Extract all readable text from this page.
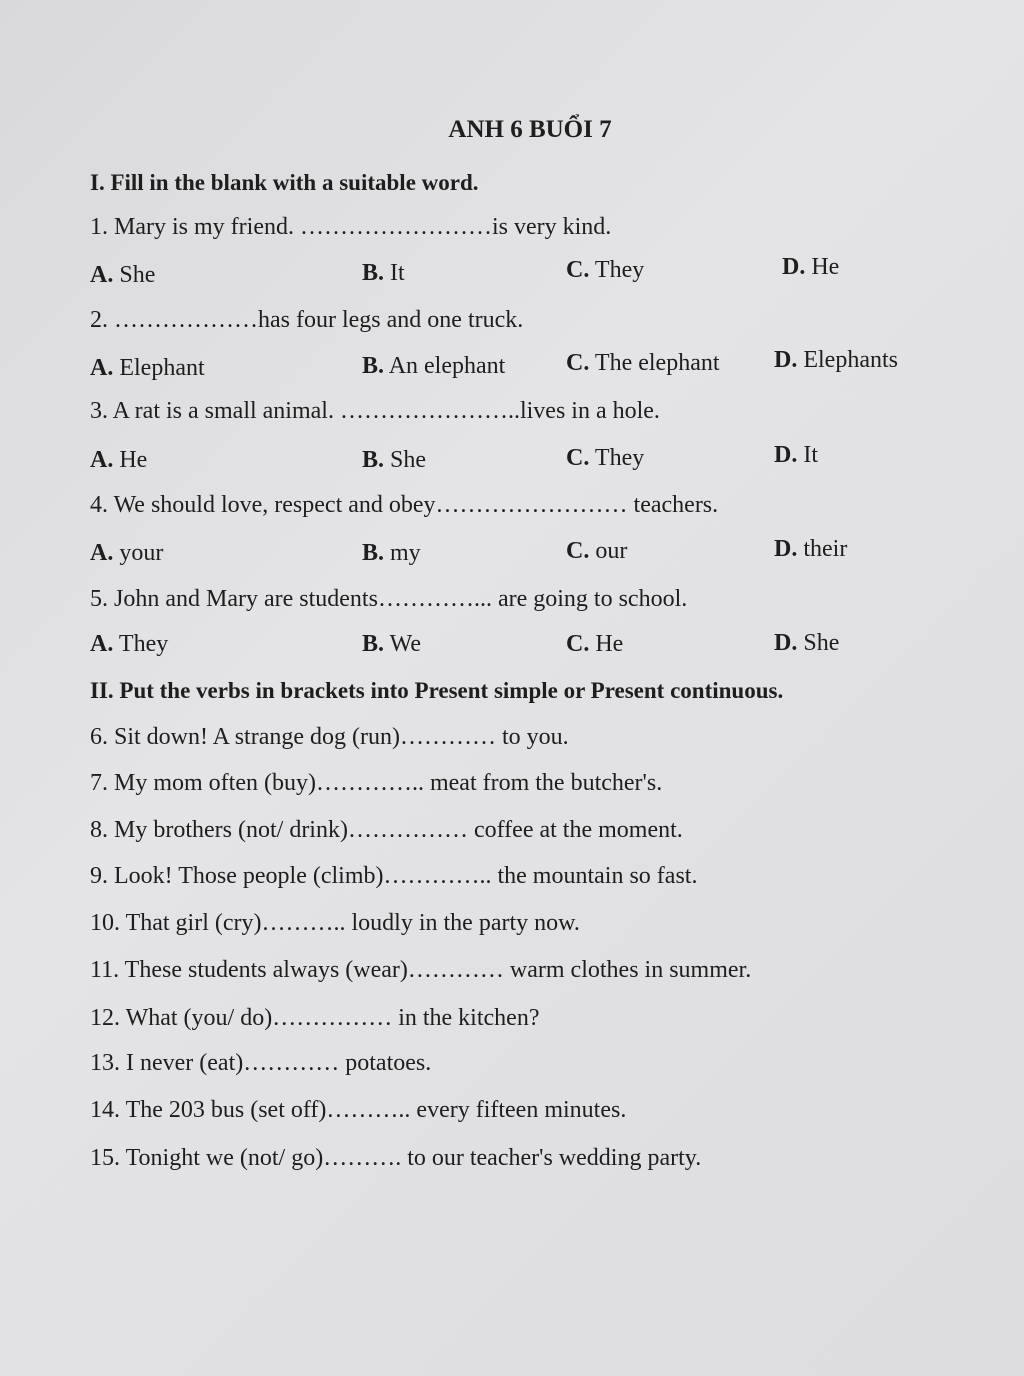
ANH 6 BUỔI 7
I. Fill in the blank with a suitable word.
1. Mary is my friend. ……………………is very kind.
A. She	B. It	C. They	D. He
2. ………………has four legs and one truck.
A. Elephant	B. An elephant	C. The elephant D. Elephants
3. A rat is a small animal. …………………..lives in a hole.
A. He	B. She	C. They	D. It
4. We should love, respect and obey…………………… teachers.
A. your	B. my	C. our	D. their
5. John and Mary are students…………... are going to school.
A. They	B. We	C. He	D. She
II. Put the verbs in brackets into Present simple or Present continuous.
6. Sit down! A strange dog (run)………… to you.
7. My mom often (buy)………….. meat from the butcher's.
8. My brothers (not/ drink)…………… coffee at the moment.
9. Look! Those people (climb)………….. the mountain so fast.
10. That girl (cry)……….. loudly in the party now.
11. These students always (wear)………… warm clothes in summer.
12. What (you/ do)…………… in the kitchen?
13. I never (eat)………… potatoes.
14. The 203 bus (set off)……….. every fifteen minutes.
15. Tonight we (not/ go)………. to our teacher's wedding party.
